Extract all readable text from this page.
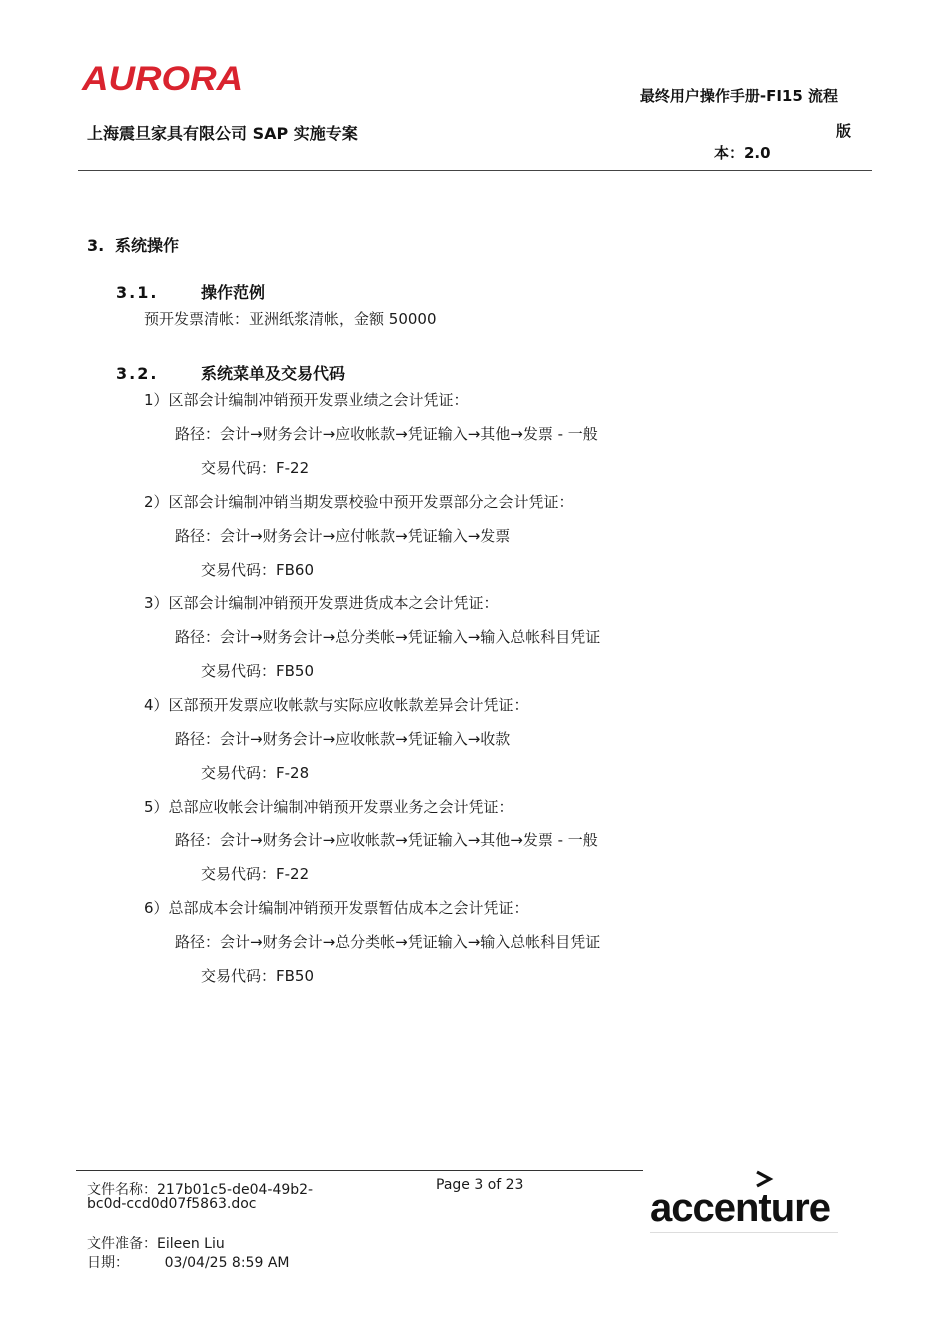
AURORA	最终用户操作手册-FI15 流程
上海震旦家具有限公司 SAP 实施专案	版
本：2.0
3. 系统操作
3.1.	操作范例
预开发票清帐：亚洲纸浆清帐，金额 50000
3.2.	系统菜单及交易代码
1）区部会计编制冲销预开发票业绩之会计凭证：
路径：会计→财务会计→应收帐款→凭证输入→其他→发票 - 一般
交易代码：F-22
2）区部会计编制冲销当期发票校验中预开发票部分之会计凭证：
路径：会计→财务会计→应付帐款→凭证输入→发票
交易代码：FB60
3）区部会计编制冲销预开发票进货成本之会计凭证：
路径：会计→财务会计→总分类帐→凭证输入→输入总帐科目凭证
交易代码：FB50
4）区部预开发票应收帐款与实际应收帐款差异会计凭证：
路径：会计→财务会计→应收帐款→凭证输入→收款
交易代码：F-28
5）总部应收帐会计编制冲销预开发票业务之会计凭证：
路径：会计→财务会计→应收帐款→凭证输入→其他→发票 - 一般
交易代码：F-22
6）总部成本会计编制冲销预开发票暂估成本之会计凭证：
路径：会计→财务会计→总分类帐→凭证输入→输入总帐科目凭证
交易代码：FB50
文件名称：217b01c5-de04-49b2-
bc0d-ccd0d07f5863.doc
Page 3 of 23
文件准备：Eileen Liu
日期：        03/04/25 8:59 AM
accenture
